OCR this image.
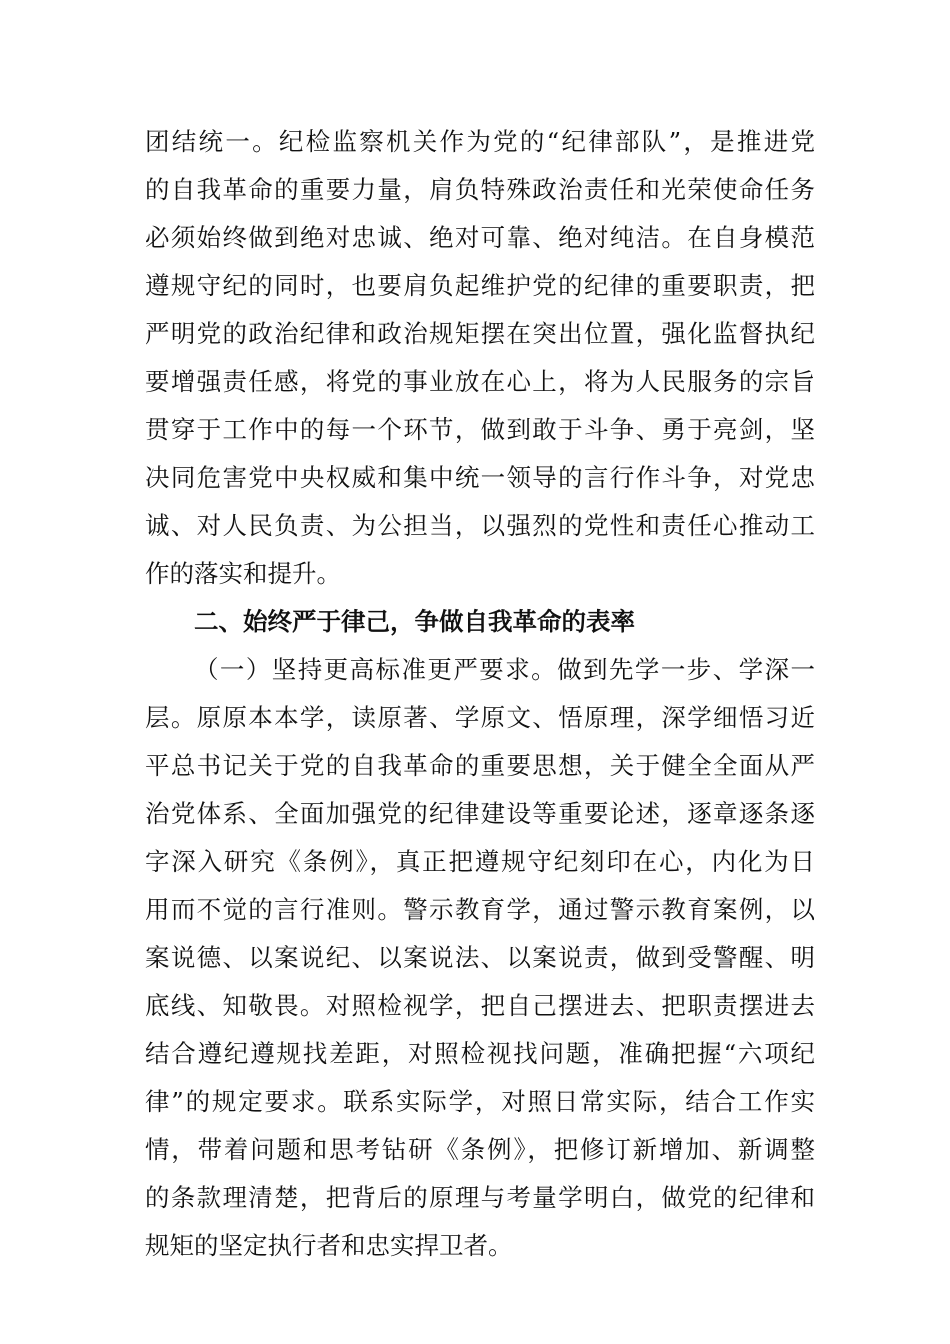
团结统一。纪检监察机关作为党的“纪律部队”，是推进党
的自我革命的重要力量，肩负特殊政治责任和光荣使命任务
必须始终做到绝对忠诚、绝对可靠、绝对纯洁。在自身模范
遵规守纪的同时，也要肩负起维护党的纪律的重要职责，把
严明党的政治纪律和政治规矩摆在突出位置，强化监督执纪
要增强责任感，将党的事业放在心上，将为人民服务的宗旨
贯穿于工作中的每一个环节，做到敢于斗争、勇于亮剑，坚
决同危害党中央权威和集中统一领导的言行作斗争，对党忠
诚、对人民负责、为公担当，以强烈的党性和责任心推动工
作的落实和提升。
二、始终严于律己，争做自我革命的表率
（一）坚持更高标准更严要求。做到先学一步、学深一
层。原原本本学，读原著、学原文、悟原理，深学细悟习近
平总书记关于党的自我革命的重要思想，关于健全全面从严
治党体系、全面加强党的纪律建设等重要论述，逐章逐条逐
字深入研究《条例》，真正把遵规守纪刻印在心，内化为日
用而不觉的言行准则。警示教育学，通过警示教育案例，以
案说德、以案说纪、以案说法、以案说责，做到受警醒、明
底线、知敬畏。对照检视学，把自己摆进去、把职责摆进去
结合遵纪遵规找差距，对照检视找问题，准确把握“六项纪
律”的规定要求。联系实际学，对照日常实际，结合工作实
情，带着问题和思考钻研《条例》，把修订新增加、新调整
的条款理清楚，把背后的原理与考量学明白，做党的纪律和
规矩的坚定执行者和忠实捍卫者。
